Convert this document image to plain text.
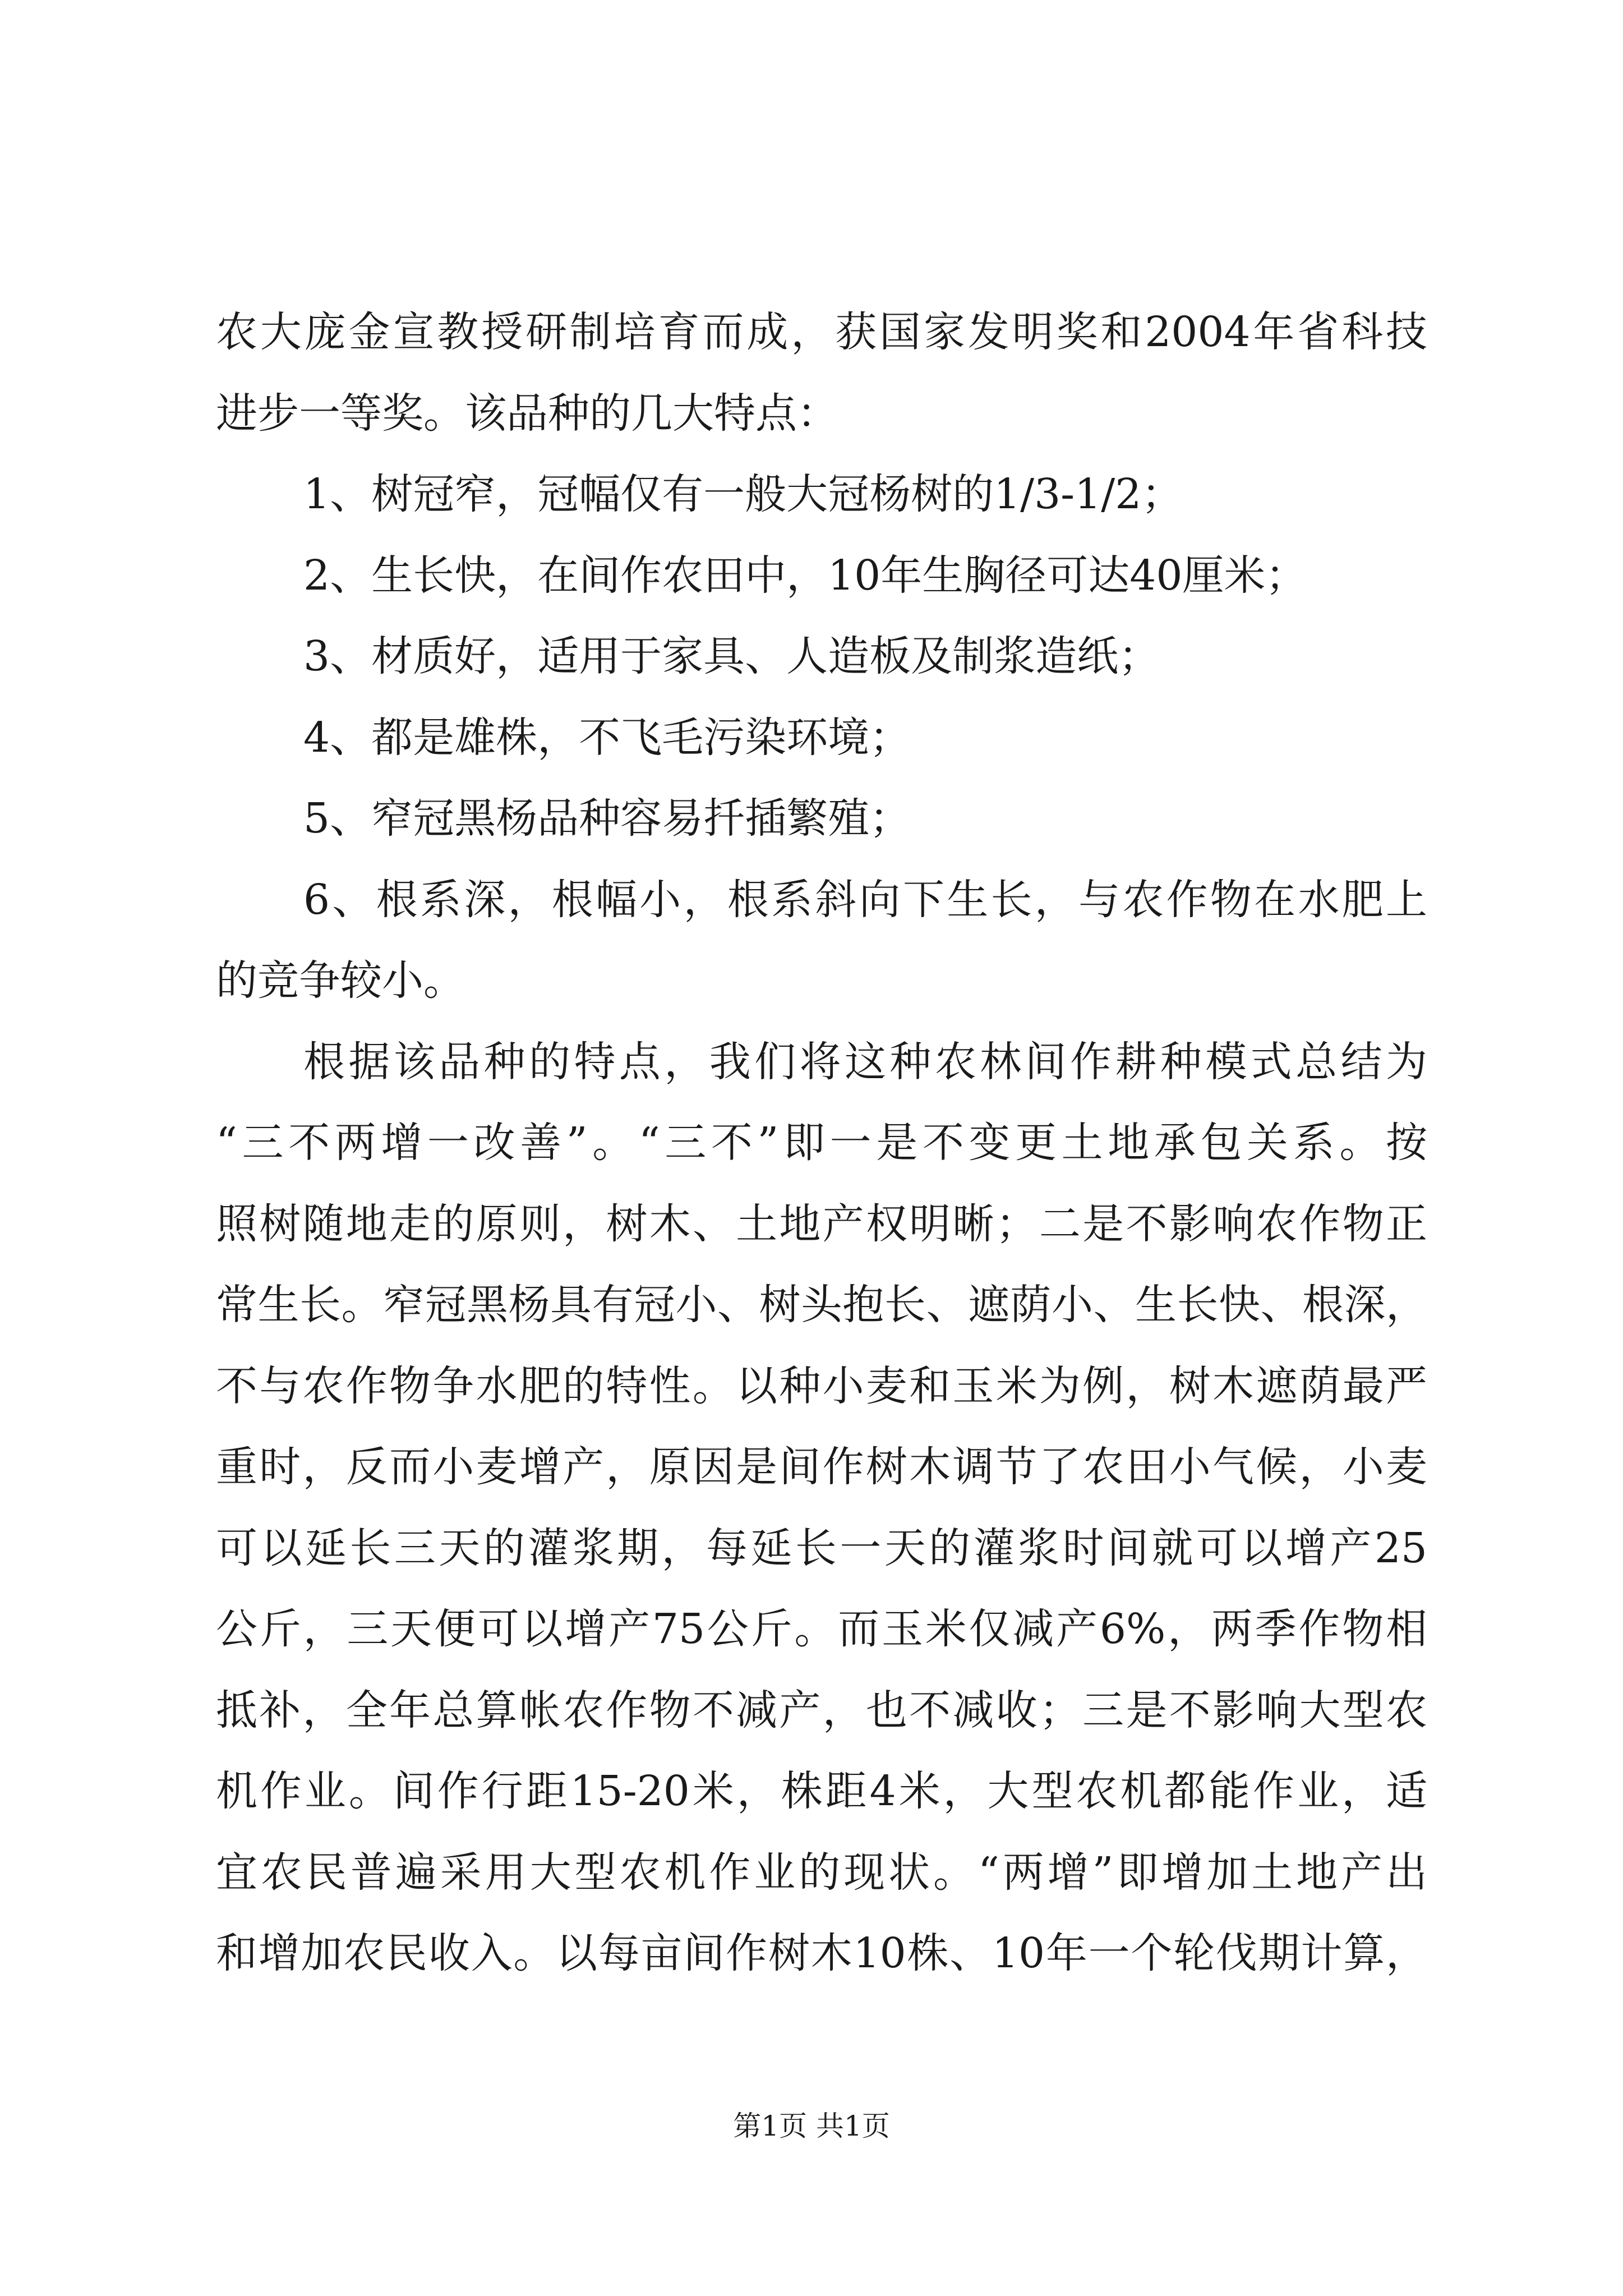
农大庞金宣教授研制培育而成，获国家发明奖和2004年省科技
进步一等奖。该品种的几大特点：
1、树冠窄，冠幅仅有一般大冠杨树的1/3-1/2；
2、生长快，在间作农田中，10年生胸径可达40厘米；
3、材质好，适用于家具、人造板及制浆造纸；
4、都是雄株，不飞毛污染环境；
5、窄冠黑杨品种容易扦插繁殖；
6、根系深，根幅小，根系斜向下生长，与农作物在水肥上
的竞争较小。
根据该品种的特点，我们将这种农林间作耕种模式总结为
“三不两增一改善”。“三不”即一是不变更土地承包关系。按
照树随地走的原则，树木、土地产权明晰；二是不影响农作物正
常生长。窄冠黑杨具有冠小、树头抱长、遮荫小、生长快、根深，
不与农作物争水肥的特性。以种小麦和玉米为例，树木遮荫最严
重时，反而小麦增产，原因是间作树木调节了农田小气候，小麦
可以延长三天的灌浆期，每延长一天的灌浆时间就可以增产25
公斤，三天便可以增产75公斤。而玉米仅减产6%，两季作物相
抵补，全年总算帐农作物不减产，也不减收；三是不影响大型农
机作业。间作行距15-20米，株距4米，大型农机都能作业，适
宜农民普遍采用大型农机作业的现状。“两增”即增加土地产出
和增加农民收入。以每亩间作树木10株、10年一个轮伐期计算，
第1页 共1页
